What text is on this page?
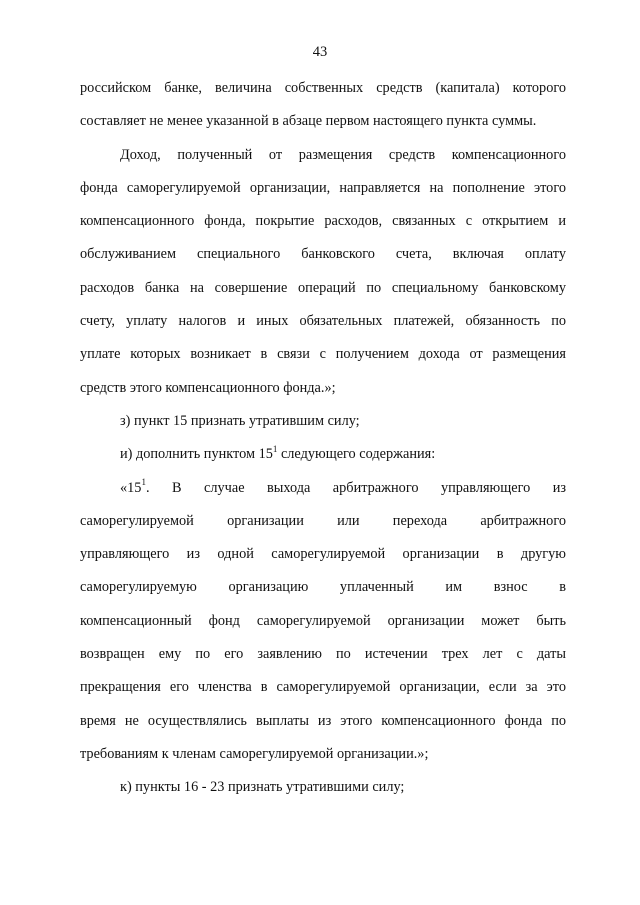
43
российском банке, величина собственных средств (капитала) которого
составляет не менее указанной в абзаце первом настоящего пункта суммы.
Доход, полученный от размещения средств компенсационного
фонда саморегулируемой организации, направляется на пополнение этого
компенсационного фонда, покрытие расходов, связанных с открытием и
обслуживанием специального банковского счета, включая оплату
расходов банка на совершение операций по специальному банковскому
счету, уплату налогов и иных обязательных платежей, обязанность по
уплате которых возникает в связи с получением дохода от размещения
средств этого компенсационного фонда.»;
з) пункт 15 признать утратившим силу;
и) дополнить пунктом $15^1$ следующего содержания:
«$15^1$. В случае выхода арбитражного управляющего из
саморегулируемой организации или перехода арбитражного
управляющего из одной саморегулируемой организации в другую
саморегулируемую организацию уплаченный им взнос в
компенсационный фонд саморегулируемой организации может быть
возвращен ему по его заявлению по истечении трех лет с даты
прекращения его членства в саморегулируемой организации, если за это
время не осуществлялись выплаты из этого компенсационного фонда по
требованиям к членам саморегулируемой организации.»;
к) пункты 16 - 23 признать утратившими силу;
